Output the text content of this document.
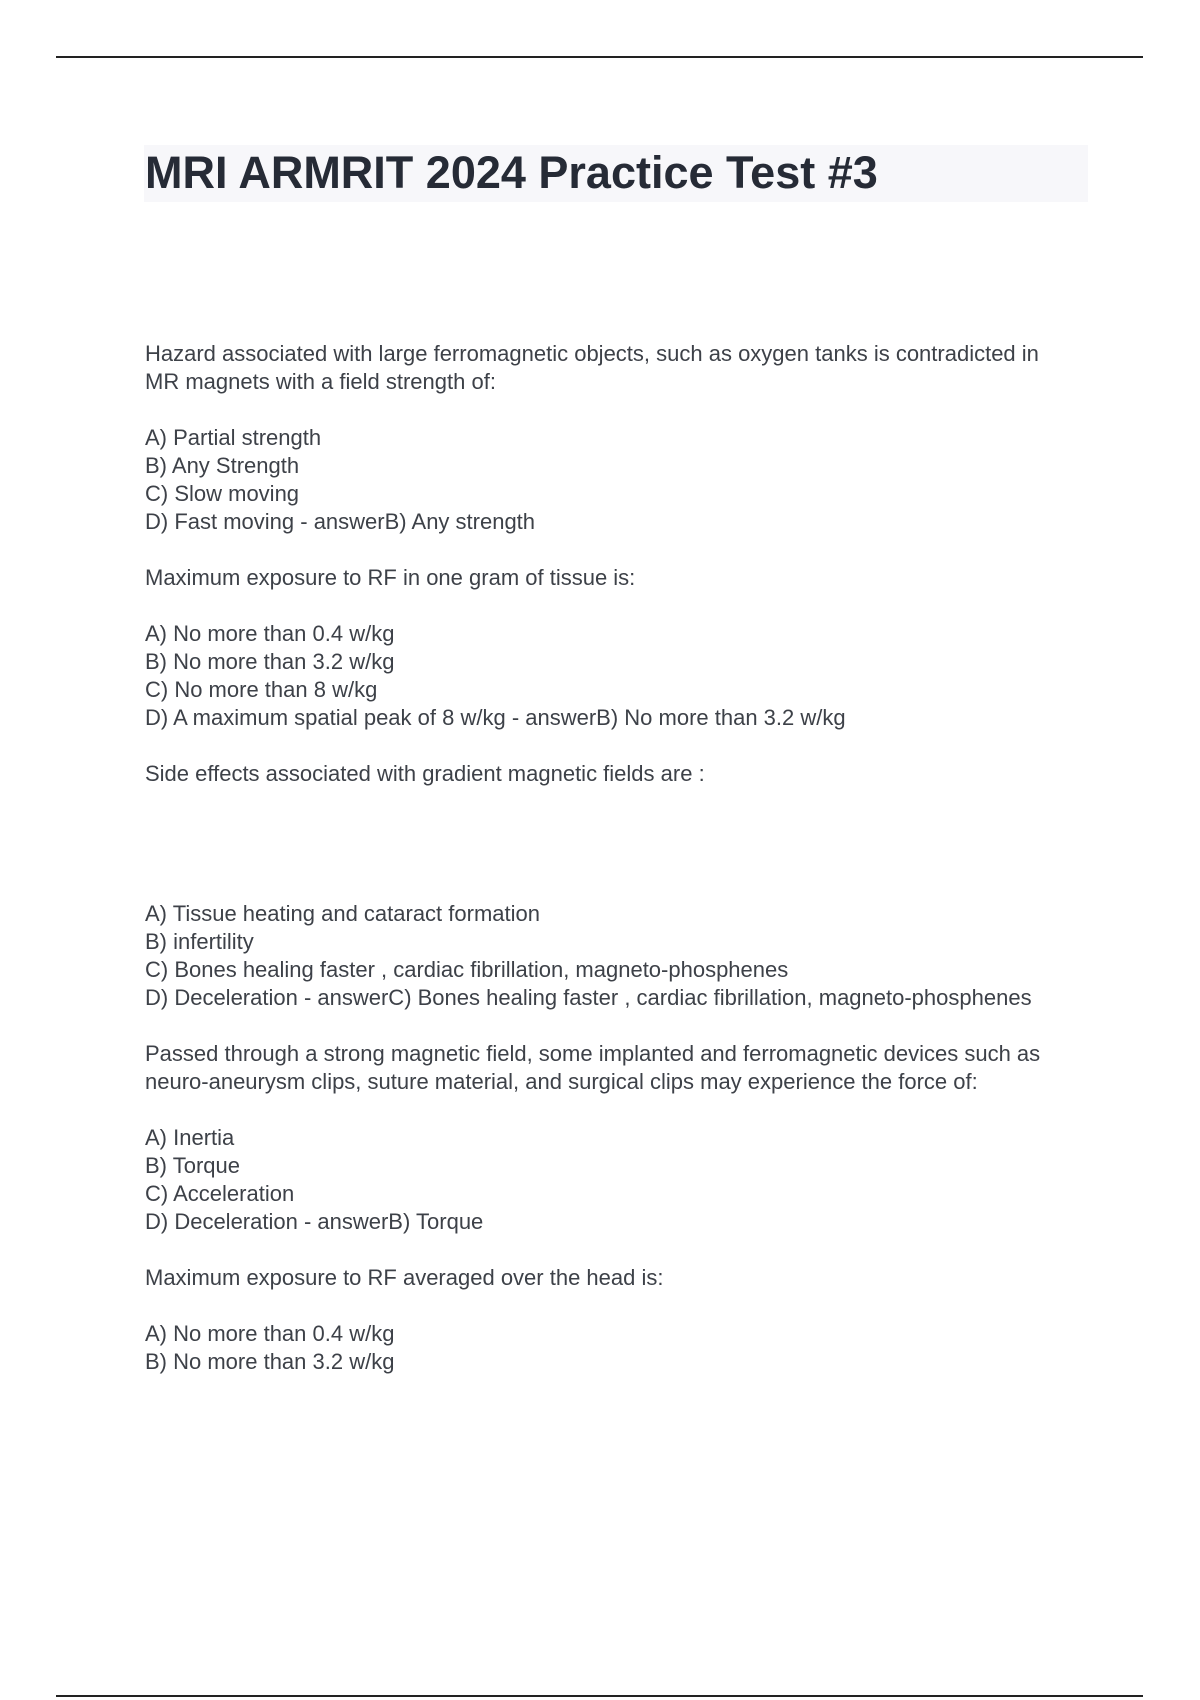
MRI ARMRIT 2024 Practice Test #3

Hazard associated with large ferromagnetic objects, such as oxygen tanks is contradicted in MR magnets with a field strength of:

A) Partial strength
B) Any Strength
C) Slow moving
D) Fast moving - answerB) Any strength

Maximum exposure to RF in one gram of tissue is:

A) No more than 0.4 w/kg
B) No more than 3.2 w/kg
C) No more than 8 w/kg
D) A maximum spatial peak of 8 w/kg - answerB) No more than 3.2 w/kg

Side effects associated with gradient magnetic fields are :

A) Tissue heating and cataract formation
B) infertility
C) Bones healing faster , cardiac fibrillation, magneto-phosphenes
D) Deceleration - answerC) Bones healing faster , cardiac fibrillation, magneto-phosphenes

Passed through a strong magnetic field, some implanted and ferromagnetic devices such as neuro-aneurysm clips, suture material, and surgical clips may experience the force of:

A) Inertia
B) Torque
C) Acceleration
D) Deceleration - answerB) Torque

Maximum exposure to RF averaged over the head is:

A) No more than 0.4 w/kg
B) No more than 3.2 w/kg
